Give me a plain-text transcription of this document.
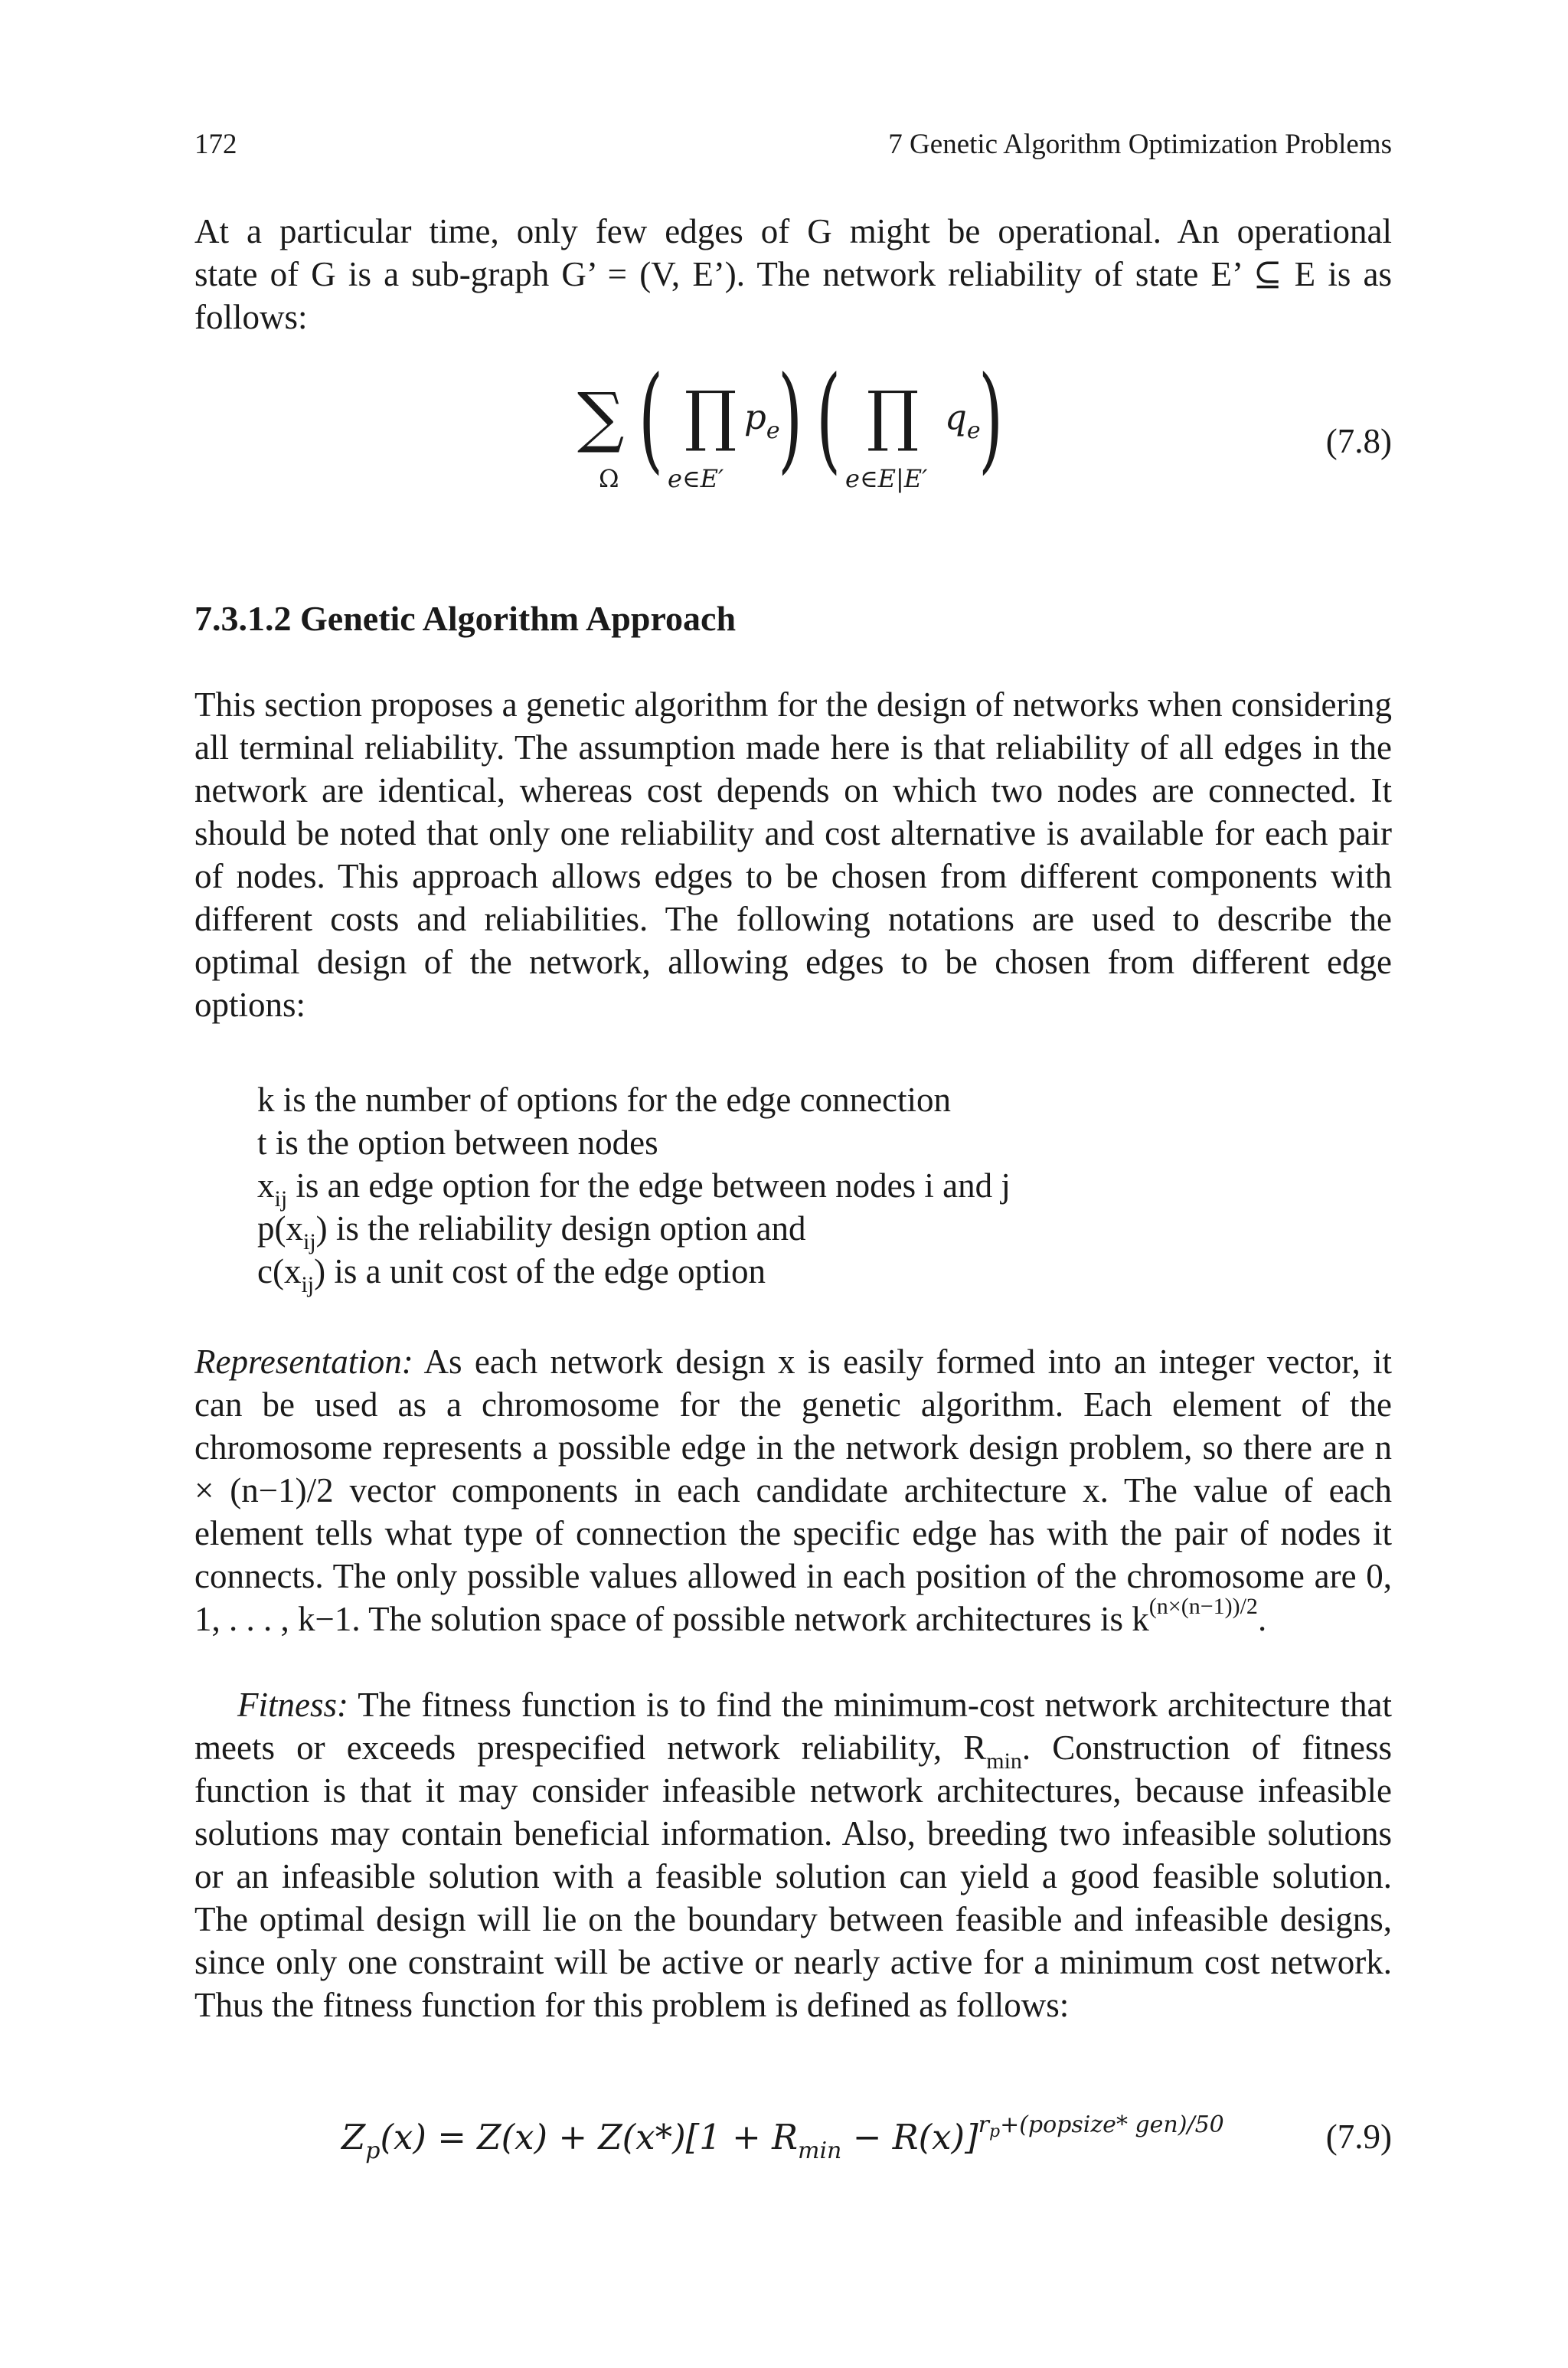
172	7 Genetic Algorithm Optimization Problems
At a particular time, only few edges of G might be operational. An operational
state of G is a sub-graph G’ = (V, E’). The network reliability of state E’ ⊆ E is as
follows:
∑
Ω ( ∏
e∈E′
$p_e$
) ( ∏
e∈E|E′
$q_e$
)	(7.8)
7.3.1.2 Genetic Algorithm Approach
This section proposes a genetic algorithm for the design of networks when considering all terminal reliability. The assumption made here is that reliability of all edges in the network are identical, whereas cost depends on which two nodes are connected. It should be noted that only one reliability and cost alternative is available for each pair of nodes. This approach allows edges to be chosen from different components with different costs and reliabilities. The following notations are used to describe the optimal design of the network, allowing edges to be chosen from different edge options:
k is the number of options for the edge connection
t is the option between nodes
$x_{ij}$ is an edge option for the edge between nodes i and j
$p(x_{ij})$ is the reliability design option and
$c(x_{ij})$ is a unit cost of the edge option
Representation: As each network design x is easily formed into an integer vector, it can be used as a chromosome for the genetic algorithm. Each element of the chromosome represents a possible edge in the network design problem, so there are n × (n−1)/2 vector components in each candidate architecture x. The value of each element tells what type of connection the specific edge has with the pair of nodes it connects. The only possible values allowed in each position of the chromosome are 0, 1, . . . , k−1. The solution space of possible network architectures is $k^{(n\times(n-1))/2}$.
Fitness: The fitness function is to find the minimum-cost network architecture that meets or exceeds prespecified network reliability, $R_{min}$. Construction of fitness function is that it may consider infeasible network architectures, because infeasible solutions may contain beneficial information. Also, breeding two infeasible solutions or an infeasible solution with a feasible solution can yield a good feasible solution. The optimal design will lie on the boundary between feasible and infeasible designs, since only one constraint will be active or nearly active for a minimum cost network. Thus the fitness function for this problem is defined as follows:
$Z_p(x) = Z(x) + Z(x*)[1 + R_{min} - R(x)]^{r_p+(popsize* gen)/50}$	(7.9)
